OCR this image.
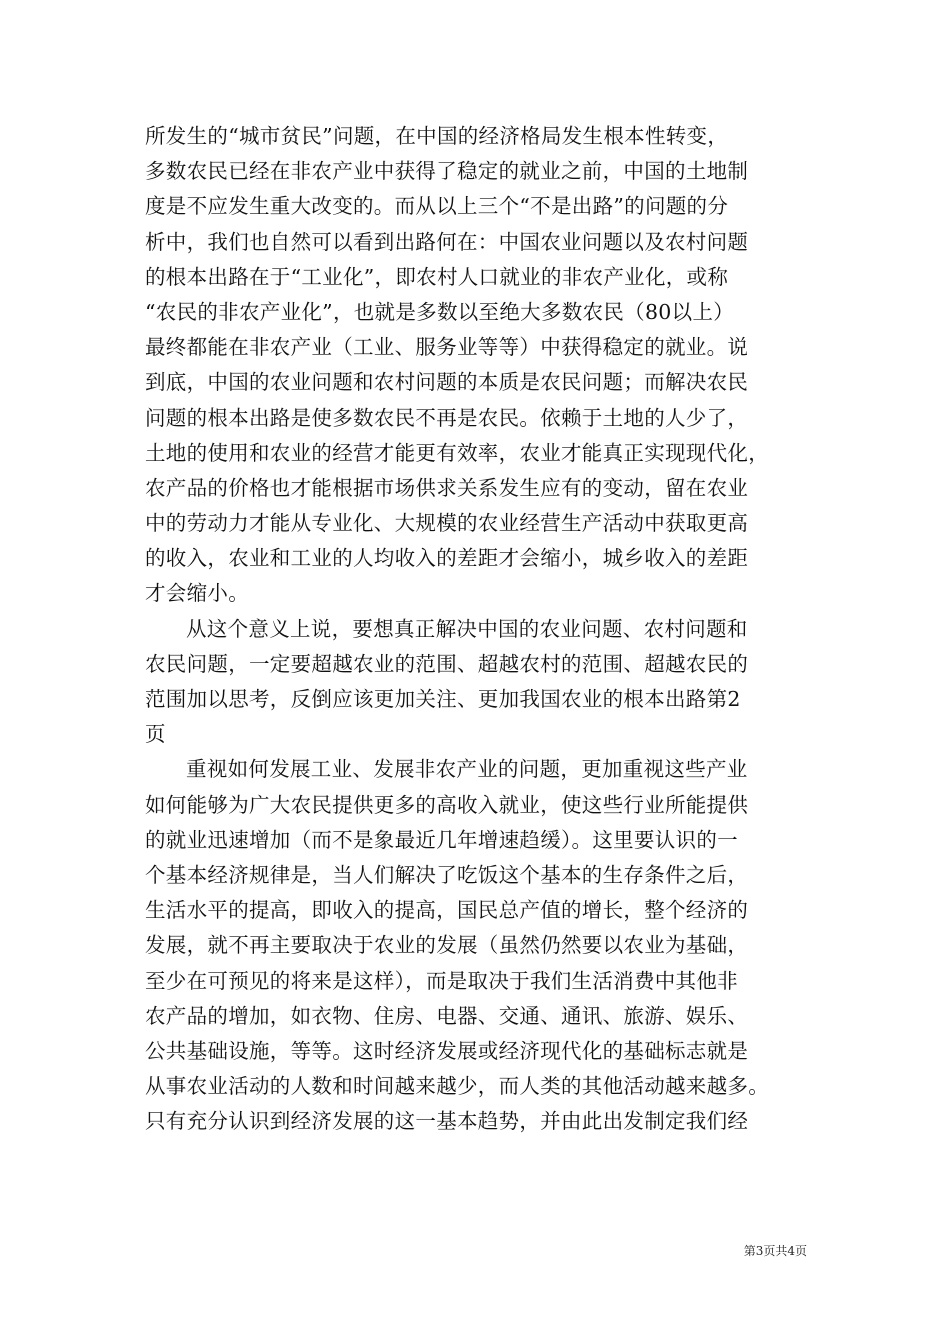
所发生的“城市贫民”问题，在中国的经济格局发生根本性转变，
多数农民已经在非农产业中获得了稳定的就业之前，中国的土地制
度是不应发生重大改变的。而从以上三个“不是出路”的问题的分
析中，我们也自然可以看到出路何在：中国农业问题以及农村问题
的根本出路在于“工业化”，即农村人口就业的非农产业化，或称
“农民的非农产业化”，也就是多数以至绝大多数农民（80以上）
最终都能在非农产业（工业、服务业等等）中获得稳定的就业。说
到底，中国的农业问题和农村问题的本质是农民问题；而解决农民
问题的根本出路是使多数农民不再是农民。依赖于土地的人少了，
土地的使用和农业的经营才能更有效率，农业才能真正实现现代化，
农产品的价格也才能根据市场供求关系发生应有的变动，留在农业
中的劳动力才能从专业化、大规模的农业经营生产活动中获取更高
的收入，农业和工业的人均收入的差距才会缩小，城乡收入的差距
才会缩小。
从这个意义上说，要想真正解决中国的农业问题、农村问题和
农民问题，一定要超越农业的范围、超越农村的范围、超越农民的
范围加以思考，反倒应该更加关注、更加我国农业的根本出路第2
页
重视如何发展工业、发展非农产业的问题，更加重视这些产业
如何能够为广大农民提供更多的高收入就业，使这些行业所能提供
的就业迅速增加（而不是象最近几年增速趋缓）。这里要认识的一
个基本经济规律是，当人们解决了吃饭这个基本的生存条件之后，
生活水平的提高，即收入的提高，国民总产值的增长，整个经济的
发展，就不再主要取决于农业的发展（虽然仍然要以农业为基础，
至少在可预见的将来是这样），而是取决于我们生活消费中其他非
农产品的增加，如衣物、住房、电器、交通、通讯、旅游、娱乐、
公共基础设施，等等。这时经济发展或经济现代化的基础标志就是
从事农业活动的人数和时间越来越少，而人类的其他活动越来越多。
只有充分认识到经济发展的这一基本趋势，并由此出发制定我们经
第3页共4页
